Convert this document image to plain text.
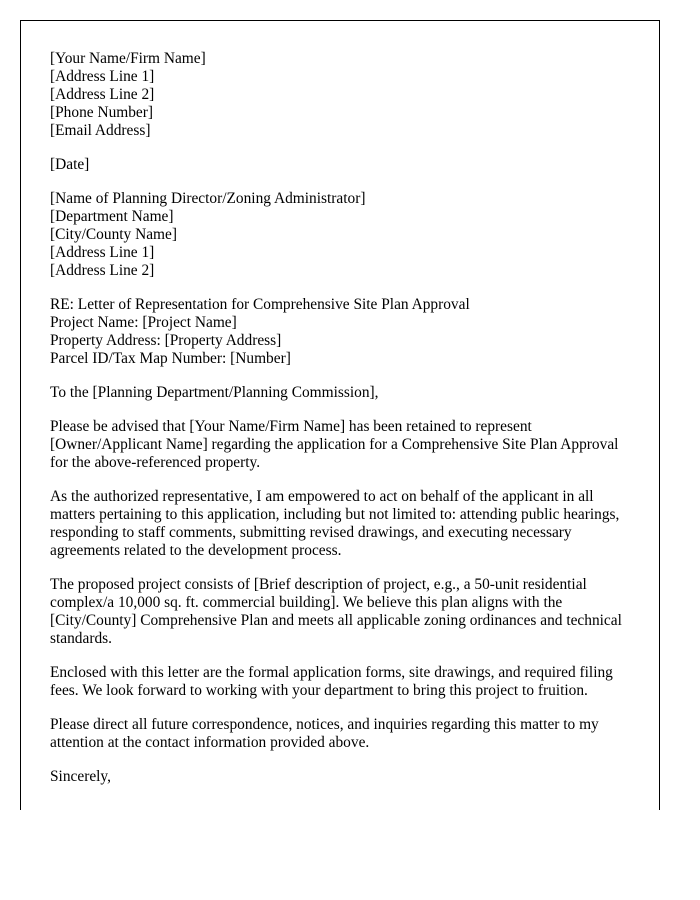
[Your Name/Firm Name]
[Address Line 1]
[Address Line 2]
[Phone Number]
[Email Address]
[Date]
[Name of Planning Director/Zoning Administrator]
[Department Name]
[City/County Name]
[Address Line 1]
[Address Line 2]
RE: Letter of Representation for Comprehensive Site Plan Approval
Project Name: [Project Name]
Property Address: [Property Address]
Parcel ID/Tax Map Number: [Number]
To the [Planning Department/Planning Commission],

Please be advised that [Your Name/Firm Name] has been retained to represent [Owner/Applicant Name] regarding the application for a Comprehensive Site Plan Approval for the above-referenced property.

As the authorized representative, I am empowered to act on behalf of the applicant in all matters pertaining to this application, including but not limited to: attending public hearings, responding to staff comments, submitting revised drawings, and executing necessary agreements related to the development process.

The proposed project consists of [Brief description of project, e.g., a 50-unit residential complex/a 10,000 sq. ft. commercial building]. We believe this plan aligns with the [City/County] Comprehensive Plan and meets all applicable zoning ordinances and technical standards.

Enclosed with this letter are the formal application forms, site drawings, and required filing fees. We look forward to working with your department to bring this project to fruition.

Please direct all future correspondence, notices, and inquiries regarding this matter to my attention at the contact information provided above.

Sincerely,
